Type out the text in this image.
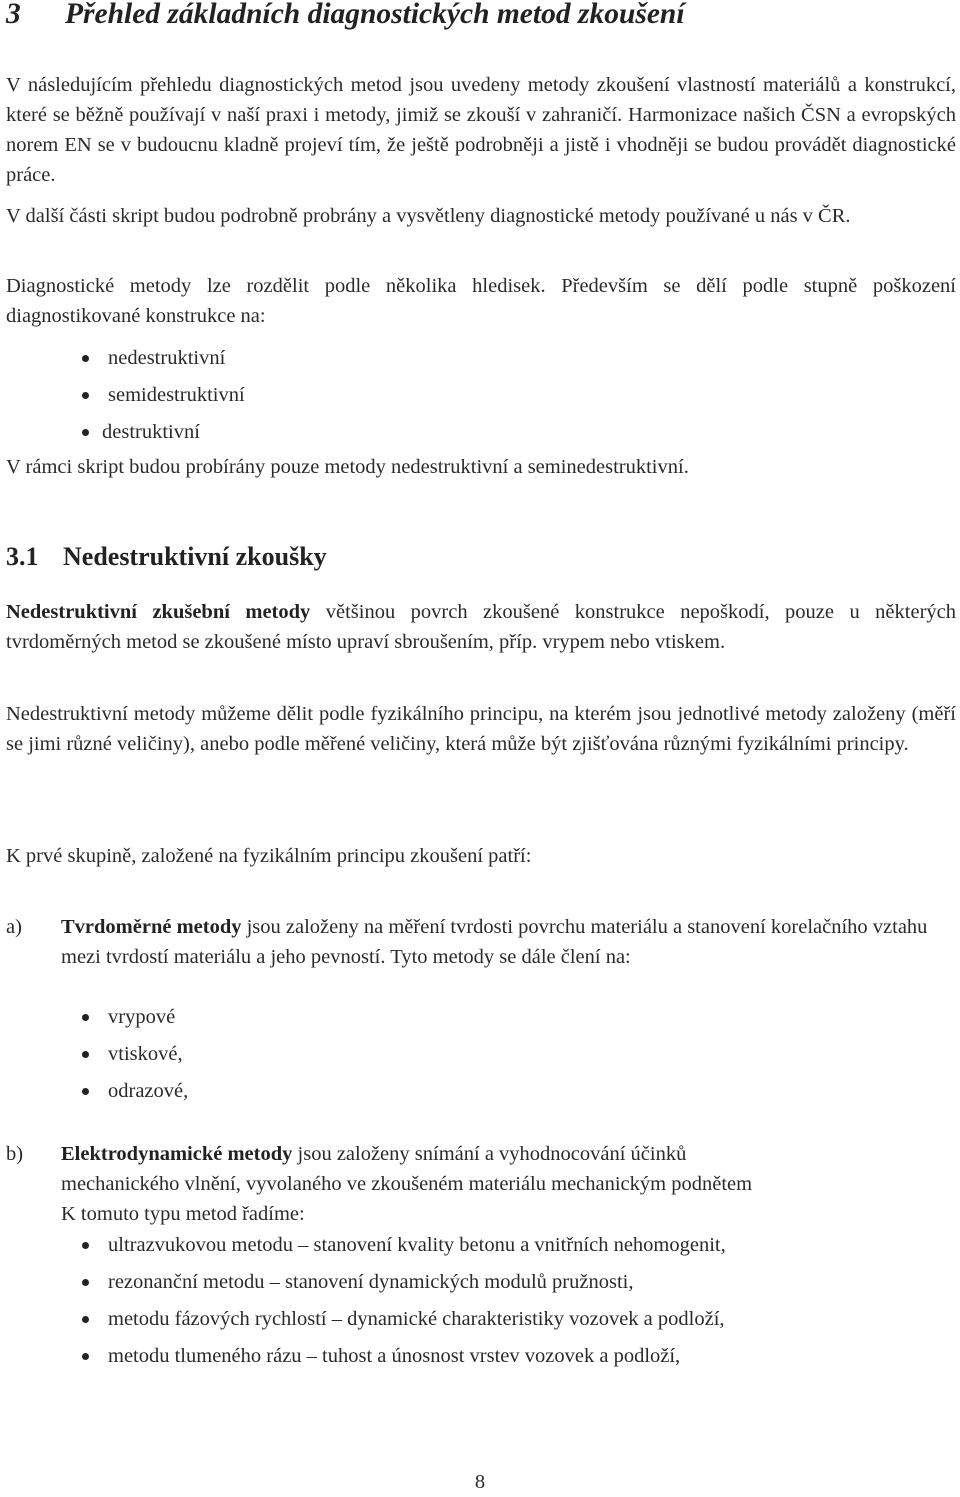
3 Přehled základních diagnostických metod zkoušení

V následujícím přehledu diagnostických metod jsou uvedeny metody zkoušení vlastností materiálů a konstrukcí, které se běžně používají v naší praxi i metody, jimiž se zkouší v zahraničí. Harmonizace našich ČSN a evropských norem EN se v budoucnu kladně projeví tím, že ještě podrobněji a jistě i vhodněji se budou provádět diagnostické práce.

V další části skript budou podrobně probrány a vysvětleny diagnostické metody používané u nás v ČR.

Diagnostické metody lze rozdělit podle několika hledisek. Především se dělí podle stupně poškození diagnostikované konstrukce na:

nedestruktivní
semidestruktivní
destruktivní

V rámci skript budou probírány pouze metody nedestruktivní a seminedestruktivní.

3.1 Nedestruktivní zkoušky

Nedestruktivní zkušební metody většinou povrch zkoušené konstrukce nepoškodí, pouze u některých tvrdoměrných metod se zkoušené místo upraví sbroušením, příp. vrypem nebo vtiskem.

Nedestruktivní metody můžeme dělit podle fyzikálního principu, na kterém jsou jednotlivé metody založeny (měří se jimi různé veličiny), anebo podle měřené veličiny, která může být zjišťována různými fyzikálními principy.

K prvé skupině, založené na fyzikálním principu zkoušení patří:

a) Tvrdoměrné metody jsou založeny na měření tvrdosti povrchu materiálu a stanovení korelačního vztahu mezi tvrdostí materiálu a jeho pevností. Tyto metody se dále člení na:

vrypové
vtiskové,
odrazové,
b) Elektrodynamické metody jsou založeny snímání a vyhodnocování účinků

mechanického vlnění, vyvolaného ve zkoušeném materiálu mechanickým podnětem

K tomuto typu metod řadíme:

ultrazvukovou metodu – stanovení kvality betonu a vnitřních nehomogenit,
rezonanční metodu – stanovení dynamických modulů pružnosti,
metodu fázových rychlostí – dynamické charakteristiky vozovek a podloží,
metodu tlumeného rázu – tuhost a únosnost vrstev vozovek a podloží,
8
